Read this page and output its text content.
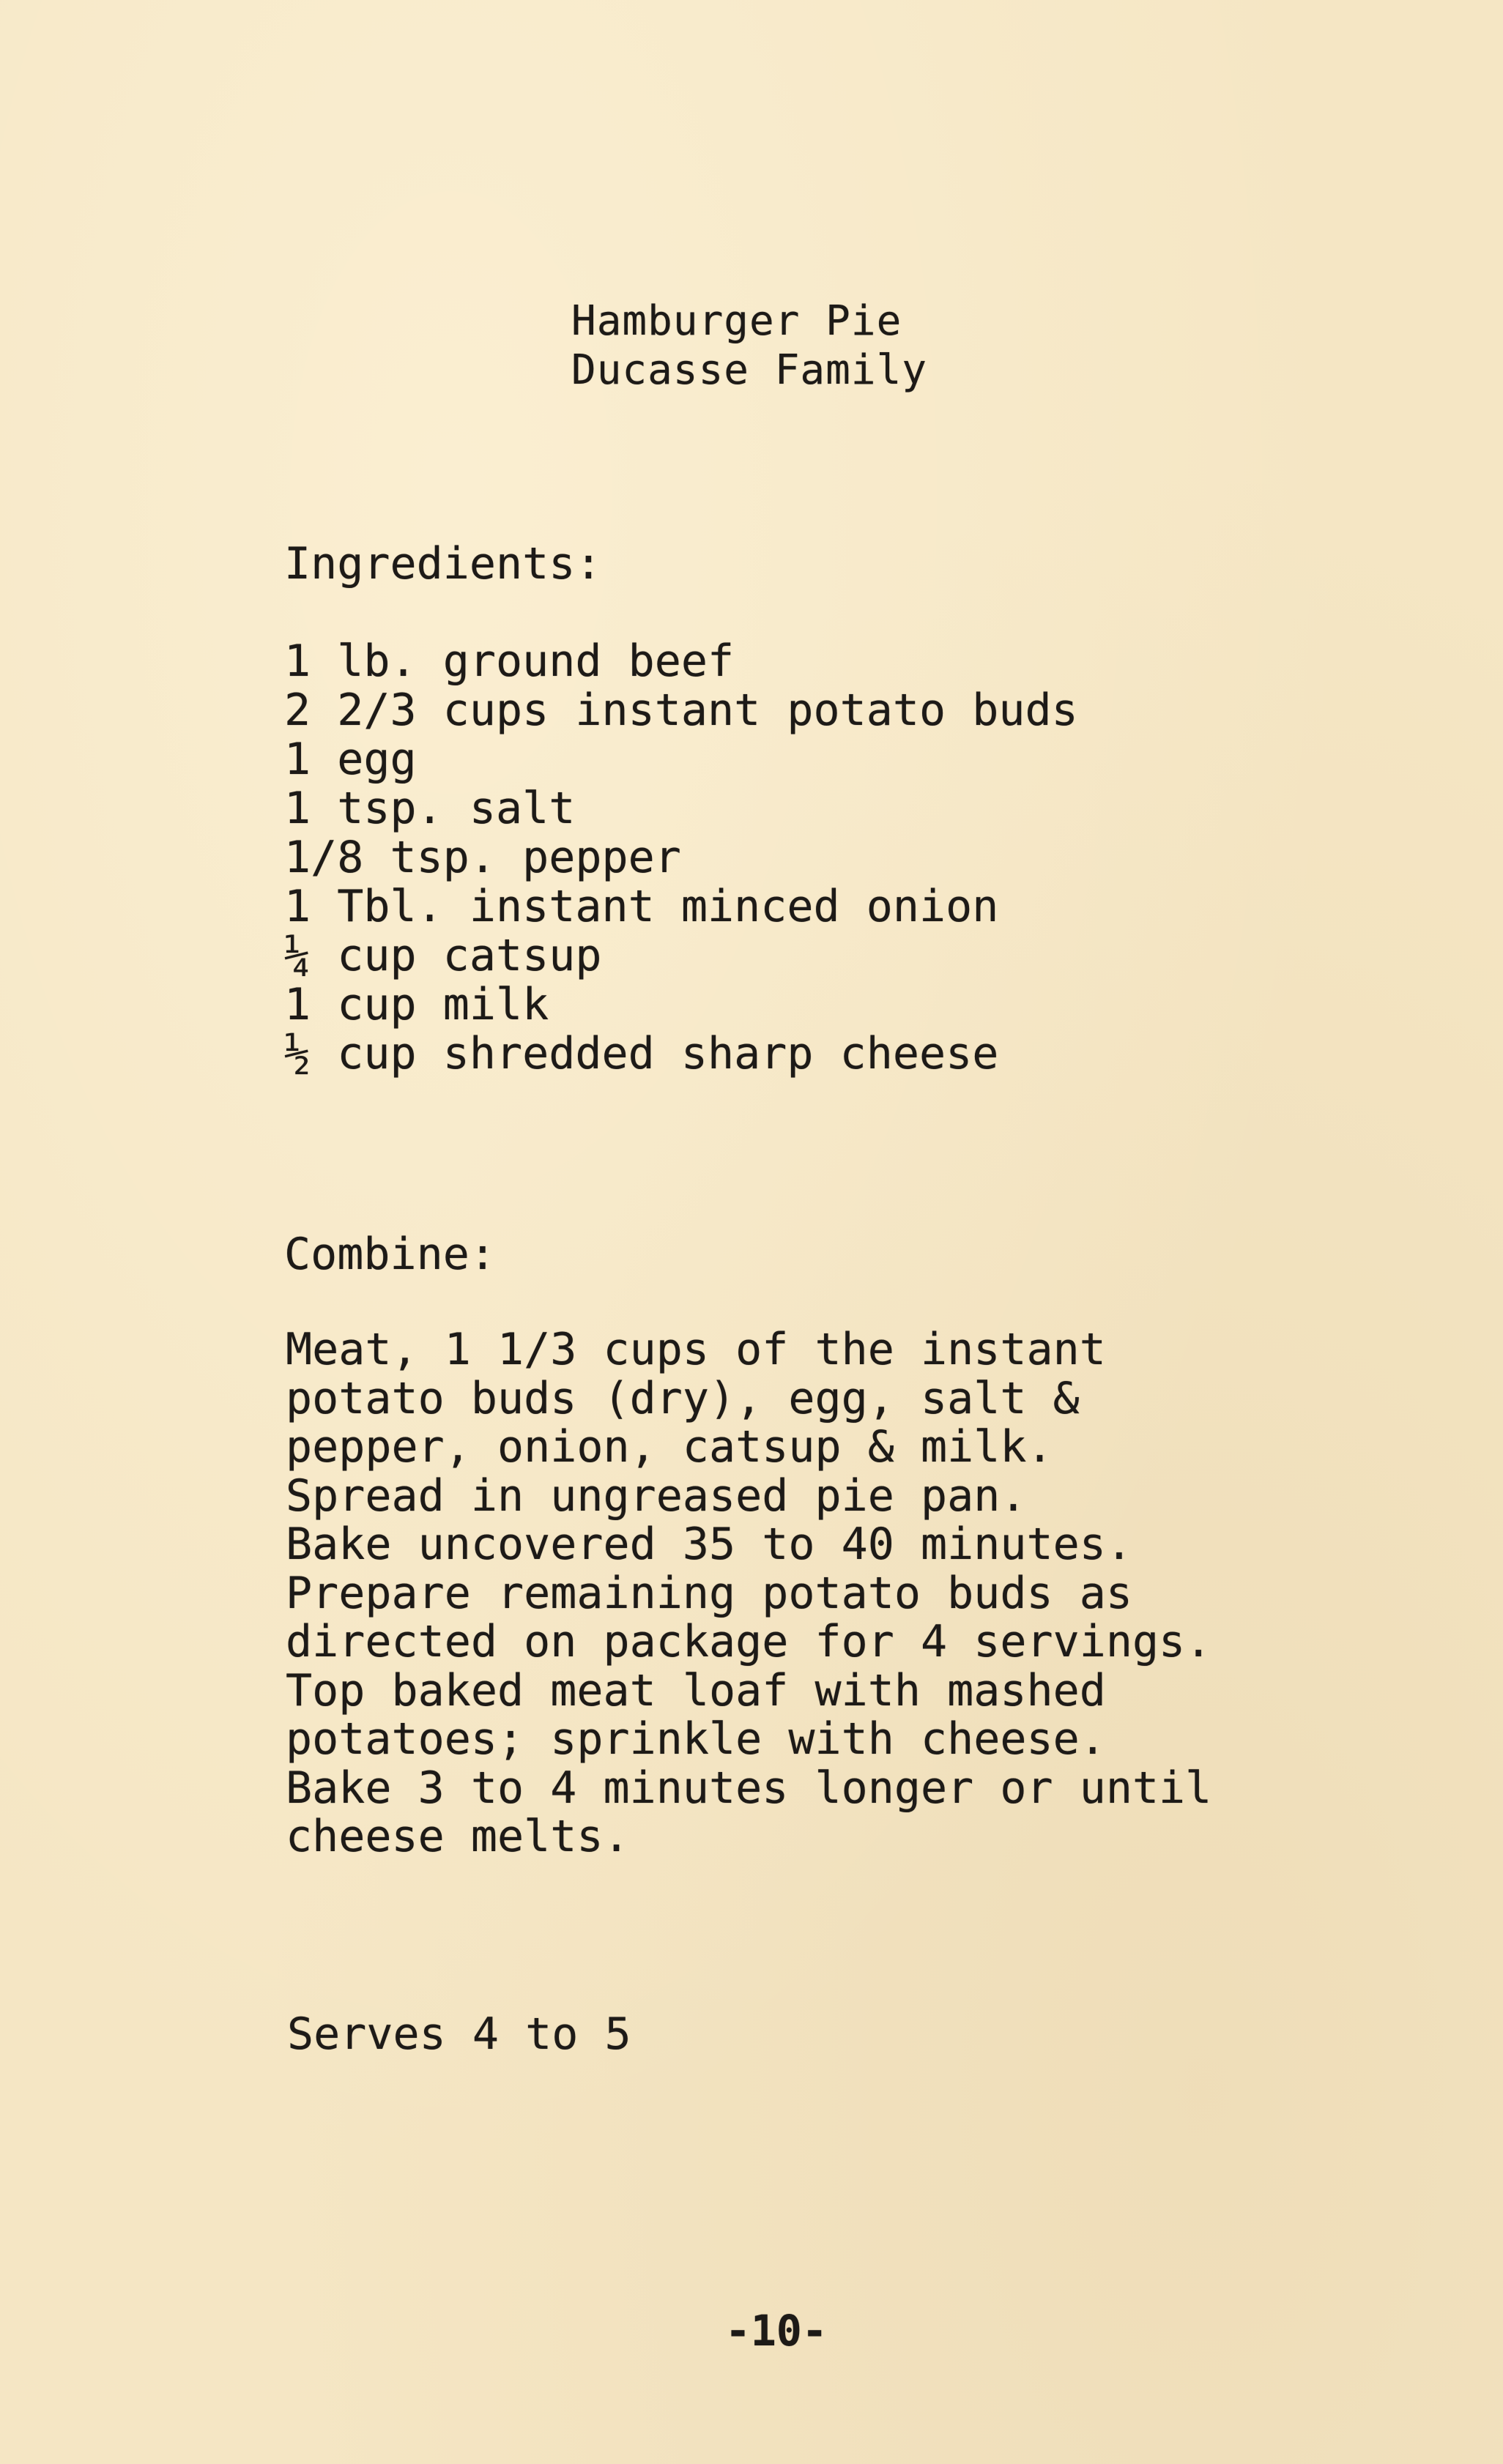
Hamburger Pie
Ducasse Family
Ingredients:
1 lb. ground beef
2 2/3 cups instant potato buds
1 egg
1 tsp. salt
1/8 tsp. pepper
1 Tbl. instant minced onion
¼ cup catsup
1 cup milk
½ cup shredded sharp cheese
Combine:
Meat, 1 1/3 cups of the instant
potato buds (dry), egg, salt &
pepper, onion, catsup & milk.
Spread in ungreased pie pan.
Bake uncovered 35 to 40 minutes.
Prepare remaining potato buds as
directed on package for 4 servings.
Top baked meat loaf with mashed
potatoes; sprinkle with cheese.
Bake 3 to 4 minutes longer or until
cheese melts.
Serves 4 to 5
-10-
